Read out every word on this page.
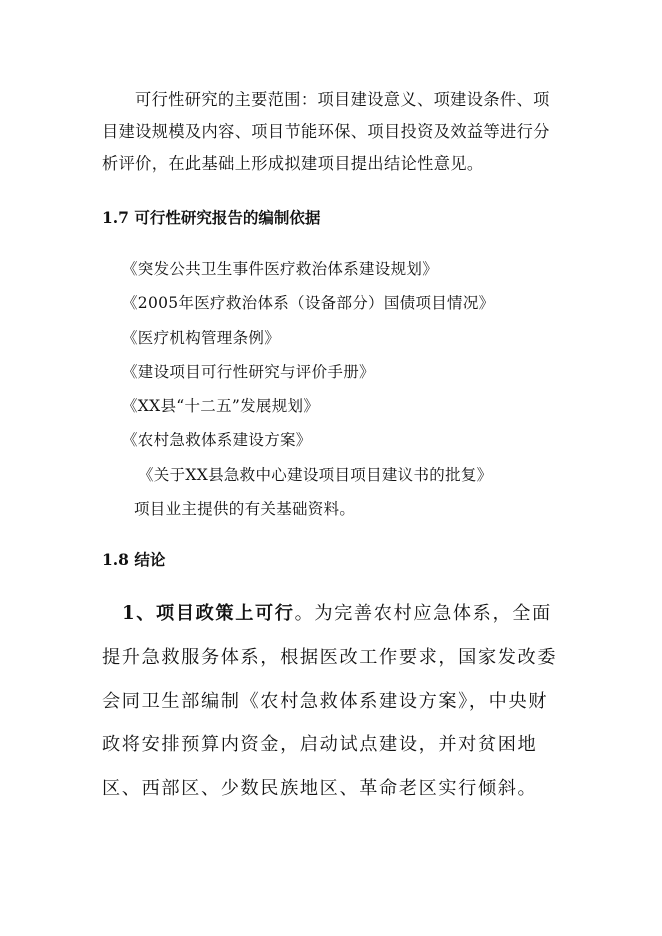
可行性研究的主要范围：项目建设意义、项建设条件、项目建设规模及内容、项目节能环保、项目投资及效益等进行分析评价，在此基础上形成拟建项目提出结论性意见。

1.7 可行性研究报告的编制依据
《突发公共卫生事件医疗救治体系建设规划》
《2005年医疗救治体系（设备部分）国债项目情况》
《医疗机构管理条例》
《建设项目可行性研究与评价手册》
《XX县“十二五”发展规划》
《农村急救体系建设方案》
《关于XX县急救中心建设项目项目建议书的批复》
项目业主提供的有关基础资料。
1.8 结论

1、项目政策上可行。为完善农村应急体系，全面提升急救服务体系，根据医改工作要求，国家发改委会同卫生部编制《农村急救体系建设方案》，中央财政将安排预算内资金，启动试点建设，并对贫困地区、西部区、少数民族地区、革命老区实行倾斜。
